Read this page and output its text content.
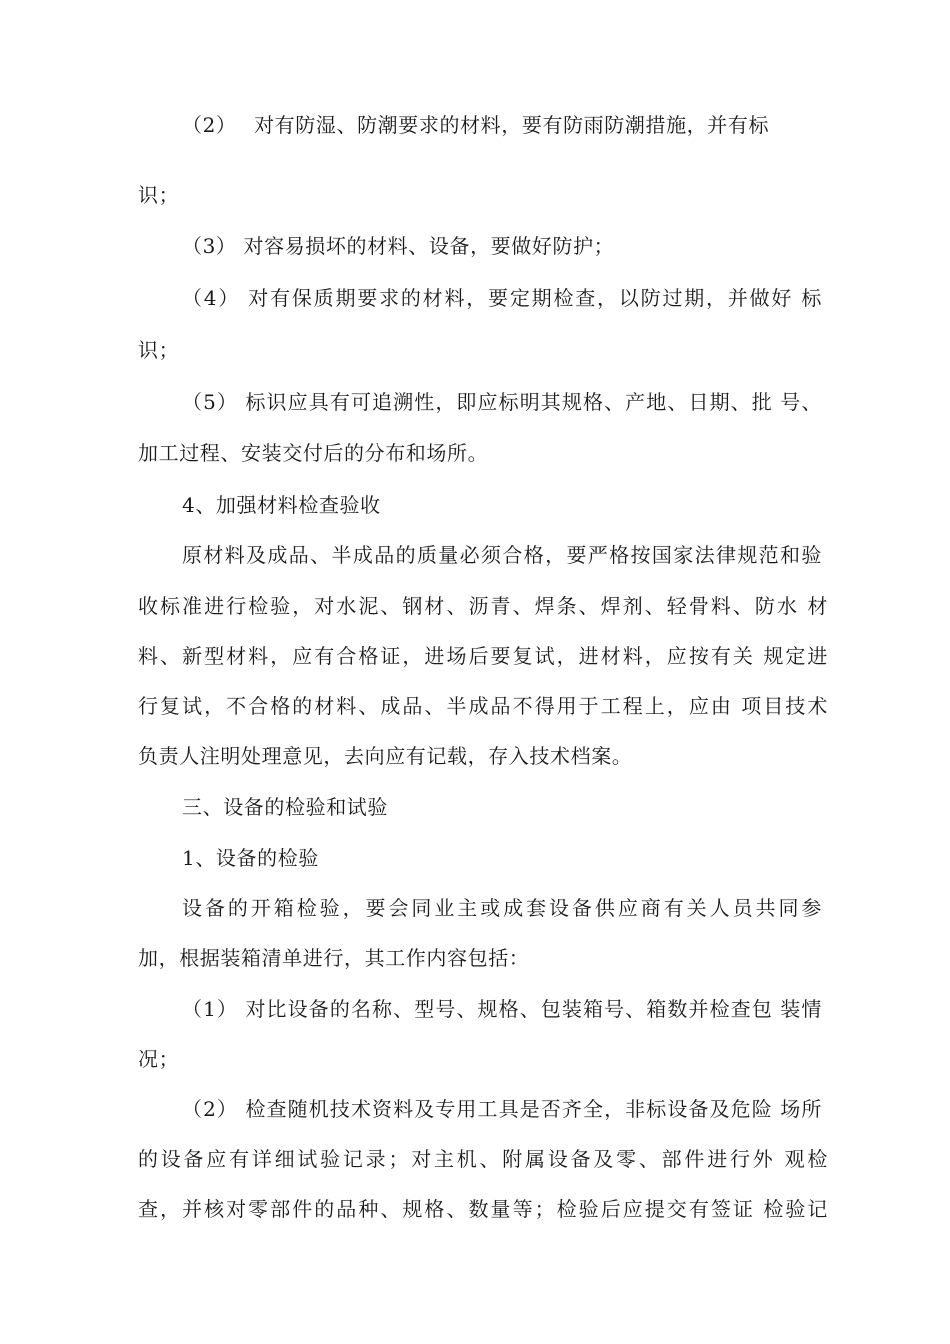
（2）　 对有防湿、防潮要求的材料，要有防雨防潮措施，并有标
识；
（3） 对容易损坏的材料、设备，要做好防护；
（4） 对有保质期要求的材料，要定期检查，以防过期，并做好 标
识；
（5） 标识应具有可追溯性，即应标明其规格、产地、日期、批 号、
加工过程、安装交付后的分布和场所。
4、加强材料检查验收
原材料及成品、半成品的质量必须合格，要严格按国家法律规范和验
收标准进行检验，对水泥、钢材、沥青、焊条、焊剂、轻骨料、防水 材
料、新型材料，应有合格证，进场后要复试，进材料，应按有关 规定进
行复试，不合格的材料、成品、半成品不得用于工程上，应由 项目技术
负责人注明处理意见，去向应有记载，存入技术档案。
三、设备的检验和试验
1、设备的检验
设备的开箱检验，要会同业主或成套设备供应商有关人员共同参
加，根据装箱清单进行，其工作内容包括：
（1） 对比设备的名称、型号、规格、包装箱号、箱数并检查包 装情
况；
（2） 检查随机技术资料及专用工具是否齐全，非标设备及危险 场所
的设备应有详细试验记录；对主机、附属设备及零、部件进行外 观检
查，并核对零部件的品种、规格、数量等；检验后应提交有签证 检验记
